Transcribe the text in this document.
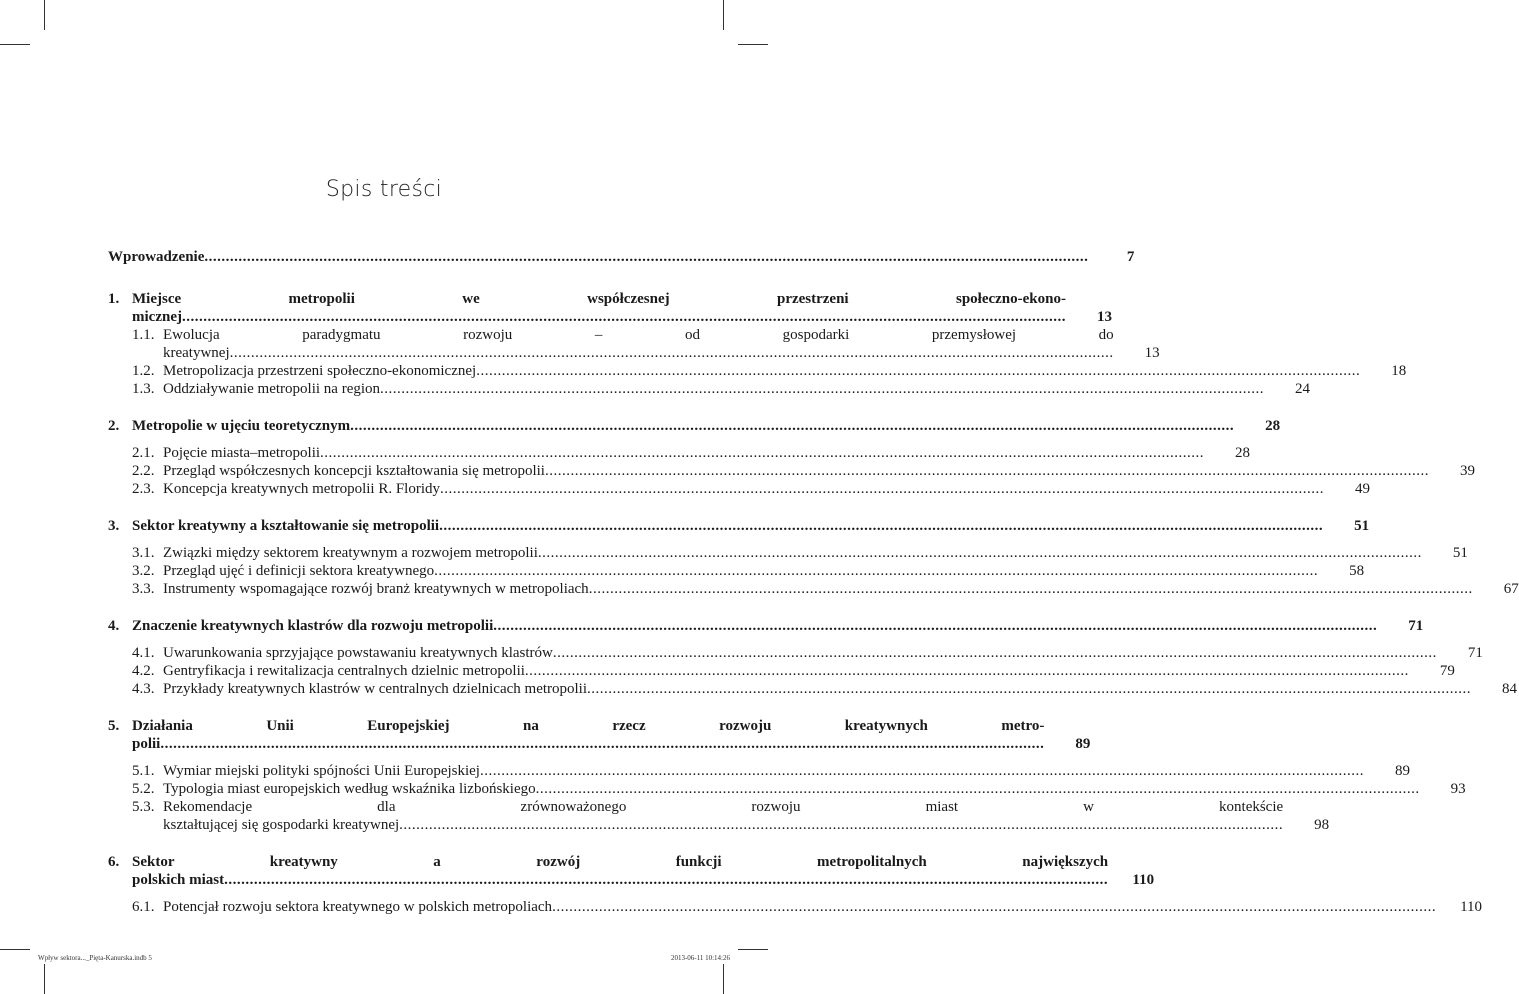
Spis treści
Wprowadzenie .....	7
1. Miejsce metropolii we współczesnej przestrzeni społeczno-ekono-
micznej .....	13
1.1. Ewolucja paradygmatu rozwoju – od gospodarki przemysłowej do
kreatywnej .....	13
1.2. Metropolizacja przestrzeni społeczno-ekonomicznej .....	18
1.3. Oddziaływanie metropolii na region .....	24
2. Metropolie w ujęciu teoretycznym .....	28
2.1. Pojęcie miasta–metropolii .....	28
2.2. Przegląd współczesnych koncepcji kształtowania się metropolii .....	39
2.3. Koncepcja kreatywnych metropolii R. Floridy .....	49
3. Sektor kreatywny a kształtowanie się metropolii .....	51
3.1. Związki między sektorem kreatywnym a rozwojem metropolii .....	51
3.2. Przegląd ujęć i definicji sektora kreatywnego .....	58
3.3. Instrumenty wspomagające rozwój branż kreatywnych w metropoliach .....	67
4. Znaczenie kreatywnych klastrów dla rozwoju metropolii .....	71
4.1. Uwarunkowania sprzyjające powstawaniu kreatywnych klastrów .....	71
4.2. Gentryfikacja i rewitalizacja centralnych dzielnic metropolii .....	79
4.3. Przykłady kreatywnych klastrów w centralnych dzielnicach metropolii .....	84
5. Działania Unii Europejskiej na rzecz rozwoju kreatywnych metro-
polii .....	89
5.1. Wymiar miejski polityki spójności Unii Europejskiej .....	89
5.2. Typologia miast europejskich według wskaźnika lizbońskiego .....	93
5.3. Rekomendacje dla zrównoważonego rozwoju miast w kontekście
kształtującej się gospodarki kreatywnej .....	98
6. Sektor kreatywny a rozwój funkcji metropolitalnych największych
polskich miast .....	110
6.1. Potencjał rozwoju sektora kreatywnego w polskich metropoliach .....	110
Wpływ sektora..._Pięta-Kanurska.indb 5	2013-06-11 10:14:26
